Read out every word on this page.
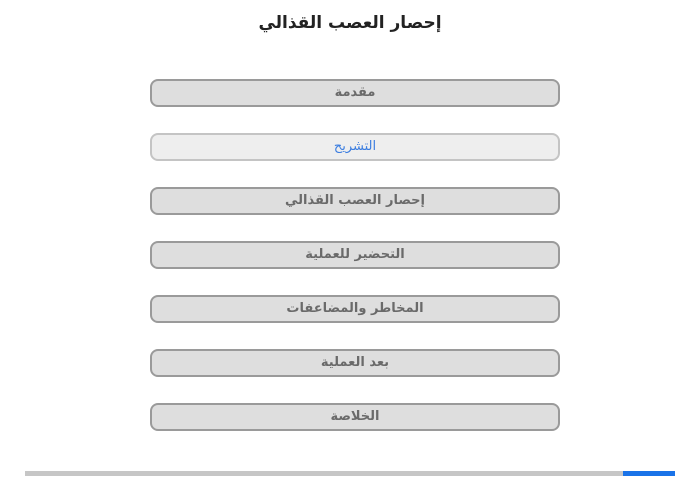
إحصار العصب القذالي
مقدمة
التشريح
إحصار العصب القذالي
التحضير للعملية
المخاطر والمضاعفات
بعد العملية
الخلاصة
